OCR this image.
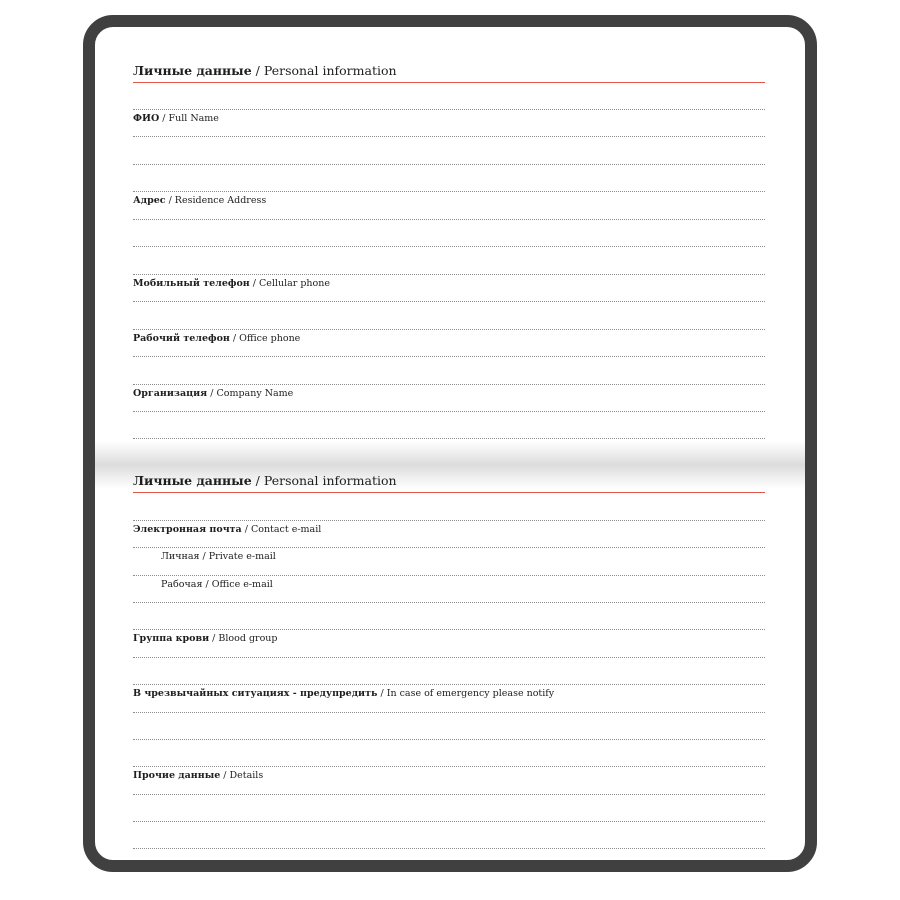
Личные данные / Personal information
ФИО / Full Name
Адрес / Residence Address
Мобильный телефон / Cellular phone
Рабочий телефон / Office phone
Организация / Company Name
Личные данные / Personal information
Электронная почта / Contact e-mail
Личная / Private e-mail
Рабочая / Office e-mail
Группа крови / Blood group
В чрезвычайных ситуациях - предупредить / In case of emergency please notify
Прочие данные / Details
